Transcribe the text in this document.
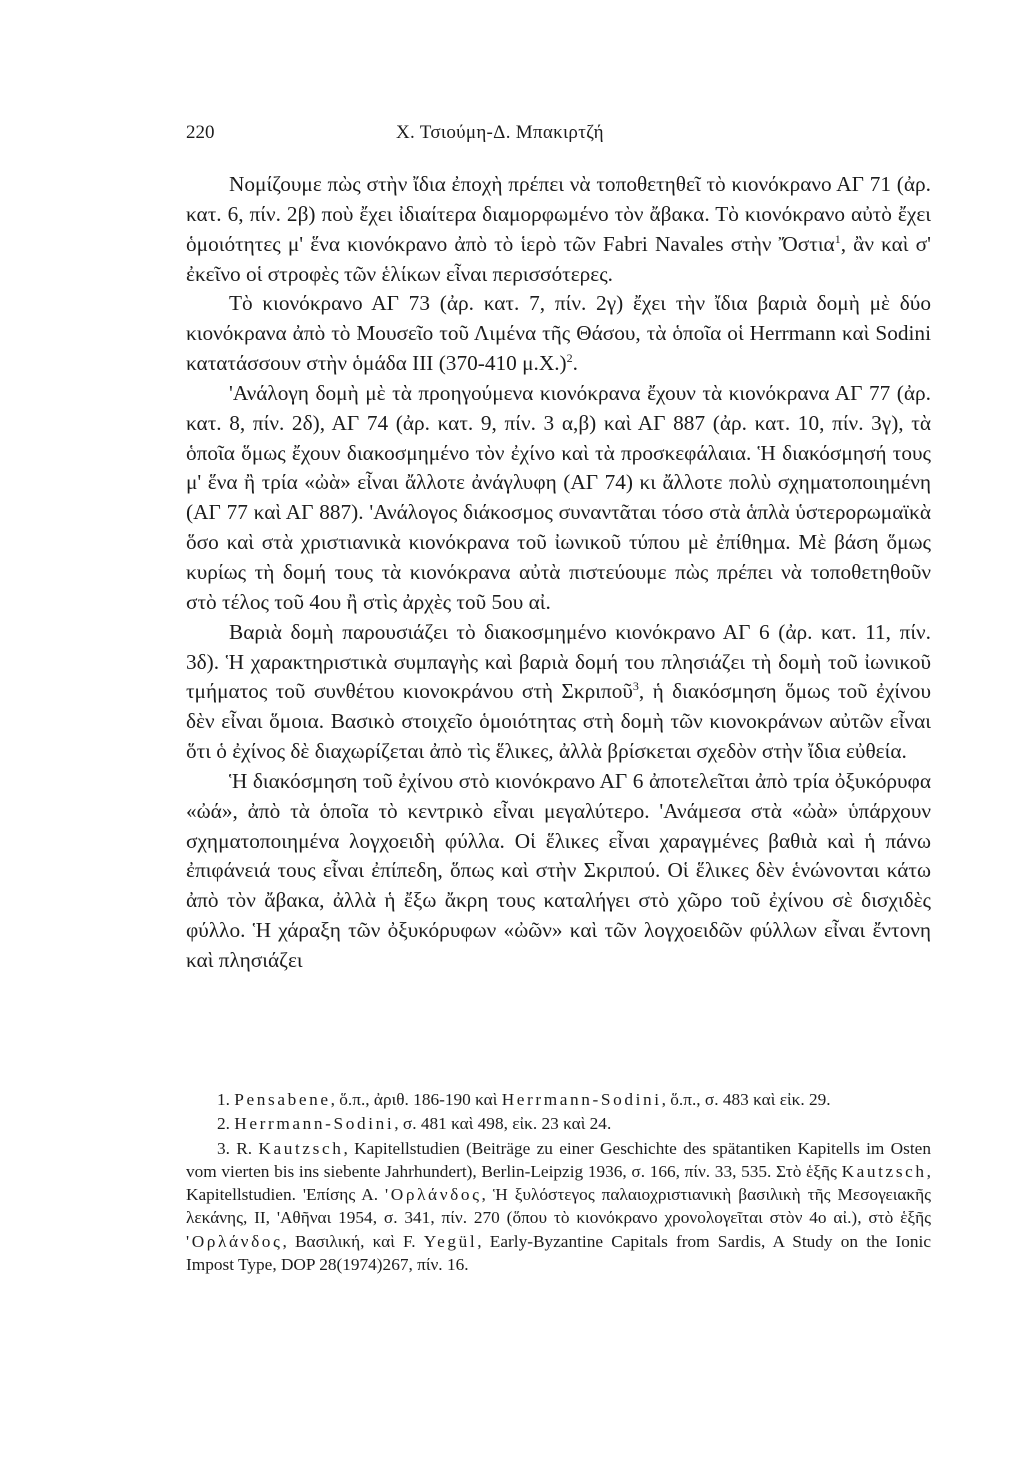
220	Χ. Τσιούμη-Δ. Μπακιρτζή

Νομίζουμε πὼς στὴν ἴδια ἐποχὴ πρέπει νὰ τοποθετηθεῖ τὸ κιονόκρανο ΑΓ 71 (ἀρ. κατ. 6, πίν. 2β) ποὺ ἔχει ἰδιαίτερα διαμορφωμένο τὸν ἄβακα. Τὸ κιονόκρανο αὐτὸ ἔχει ὁμοιότητες μ' ἕνα κιονόκρανο ἀπὸ τὸ ἱερὸ τῶν Fabri Navales στὴν Ὄστια$^1$, ἂν καὶ σ' ἐκεῖνο οἱ στροφὲς τῶν ἑλίκων εἶναι περισσότερες.

Τὸ κιονόκρανο ΑΓ 73 (ἀρ. κατ. 7, πίν. 2γ) ἔχει τὴν ἴδια βαριὰ δομὴ μὲ δύο κιονόκρανα ἀπὸ τὸ Μουσεῖο τοῦ Λιμένα τῆς Θάσου, τὰ ὁποῖα οἱ Herrmann καὶ Sodini κατατάσσουν στὴν ὁμάδα III (370-410 μ.Χ.)$^2$.

'Ανάλογη δομὴ μὲ τὰ προηγούμενα κιονόκρανα ἔχουν τὰ κιονόκρανα ΑΓ 77 (ἀρ. κατ. 8, πίν. 2δ), ΑΓ 74 (ἀρ. κατ. 9, πίν. 3 α,β) καὶ ΑΓ 887 (ἀρ. κατ. 10, πίν. 3γ), τὰ ὁποῖα ὅμως ἔχουν διακοσμημένο τὸν ἐχίνο καὶ τὰ προσκεφάλαια. Ἡ διακόσμησή τους μ' ἕνα ἢ τρία «ὠὰ» εἶναι ἄλλοτε ἀνάγλυφη (ΑΓ 74) κι ἄλλοτε πολὺ σχηματοποιημένη (ΑΓ 77 καὶ ΑΓ 887). 'Ανάλογος διάκοσμος συναντᾶται τόσο στὰ ἁπλὰ ὑστερορωμαϊκὰ ὅσο καὶ στὰ χριστιανικὰ κιονόκρανα τοῦ ἰωνικοῦ τύπου μὲ ἐπίθημα. Μὲ βάση ὅμως κυρίως τὴ δομή τους τὰ κιονόκρανα αὐτὰ πιστεύουμε πὼς πρέπει νὰ τοποθετηθοῦν στὸ τέλος τοῦ 4ου ἢ στὶς ἀρχὲς τοῦ 5ου αἰ.

Βαριὰ δομὴ παρουσιάζει τὸ διακοσμημένο κιονόκρανο ΑΓ 6 (ἀρ. κατ. 11, πίν. 3δ). Ἡ χαρακτηριστικὰ συμπαγὴς καὶ βαριὰ δομή του πλησιάζει τὴ δομὴ τοῦ ἰωνικοῦ τμήματος τοῦ συνθέτου κιονοκράνου στὴ Σκριποῦ$^3$, ἡ διακόσμηση ὅμως τοῦ ἐχίνου δὲν εἶναι ὅμοια. Βασικὸ στοιχεῖο ὁμοιότητας στὴ δομὴ τῶν κιονοκράνων αὐτῶν εἶναι ὅτι ὁ ἐχίνος δὲ διαχωρίζεται ἀπὸ τὶς ἕλικες, ἀλλὰ βρίσκεται σχεδὸν στὴν ἴδια εὐθεία.

Ἡ διακόσμηση τοῦ ἐχίνου στὸ κιονόκρανο ΑΓ 6 ἀποτελεῖται ἀπὸ τρία ὀξυκόρυφα «ὠά», ἀπὸ τὰ ὁποῖα τὸ κεντρικὸ εἶναι μεγαλύτερο. 'Ανάμεσα στὰ «ὠὰ» ὑπάρχουν σχηματοποιημένα λογχοειδὴ φύλλα. Οἱ ἕλικες εἶναι χαραγμένες βαθιὰ καὶ ἡ πάνω ἐπιφάνειά τους εἶναι ἐπίπεδη, ὅπως καὶ στὴν Σκριπού. Οἱ ἕλικες δὲν ἑνώνονται κάτω ἀπὸ τὸν ἄβακα, ἀλλὰ ἡ ἔξω ἄκρη τους καταλήγει στὸ χῶρο τοῦ ἐχίνου σὲ δισχιδὲς φύλλο. Ἡ χάραξη τῶν ὀξυκόρυφων «ὠῶν» καὶ τῶν λογχοειδῶν φύλλων εἶναι ἔντονη καὶ πλησιάζει

1. Pensabene, ὅ.π., ἀριθ. 186-190 καὶ Herrmann-Sodini, ὅ.π., σ. 483 καὶ εἰκ. 29.

2. Herrmann-Sodini, σ. 481 καὶ 498, εἰκ. 23 καὶ 24.

3. R. Kautzsch, Kapitellstudien (Beiträge zu einer Geschichte des spätantiken Kapitells im Osten vom vierten bis ins siebente Jahrhundert), Berlin-Leipzig 1936, σ. 166, πίν. 33, 535. Στὸ ἑξῆς Kautzsch, Kapitellstudien. 'Επίσης Α. 'Ορλάνδος, Ἡ ξυλόστεγος παλαιοχριστιανικὴ βασιλικὴ τῆς Μεσογειακῆς λεκάνης, II, 'Αθῆναι 1954, σ. 341, πίν. 270 (ὅπου τὸ κιονόκρανο χρονολογεῖται στὸν 4ο αἰ.), στὸ ἑξῆς 'Ορλάνδος, Βασιλική, καὶ F. Yegül, Early-Byzantine Capitals from Sardis, A Study on the Ionic Impost Type, DOP 28(1974)267, πίν. 16.
